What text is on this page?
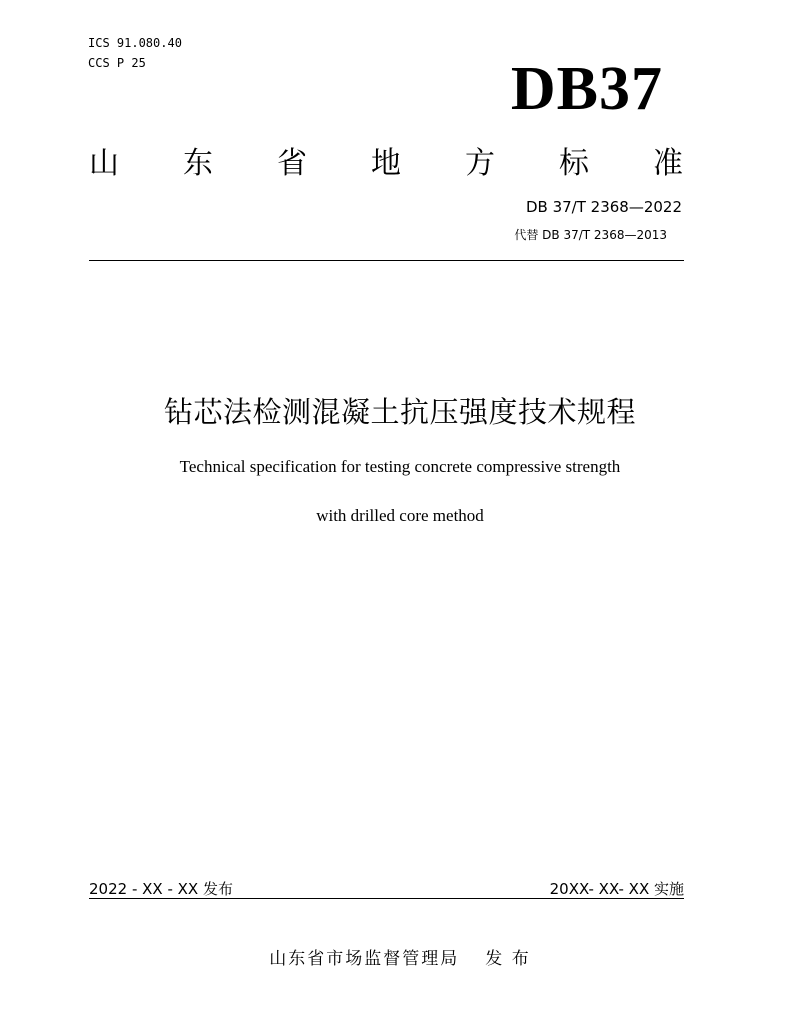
ICS 91.080.40
CCS P 25	DB37
山 东 省 地 方 标 准
DB 37/T 2368—2022
代替 DB 37/T 2368—2013
钻芯法检测混凝土抗压强度技术规程
Technical specification for testing concrete compressive strength
with drilled core method
2022 - XX - XX 发布	20XX- XX- XX 实施
山东省市场监督管理局 发 布
